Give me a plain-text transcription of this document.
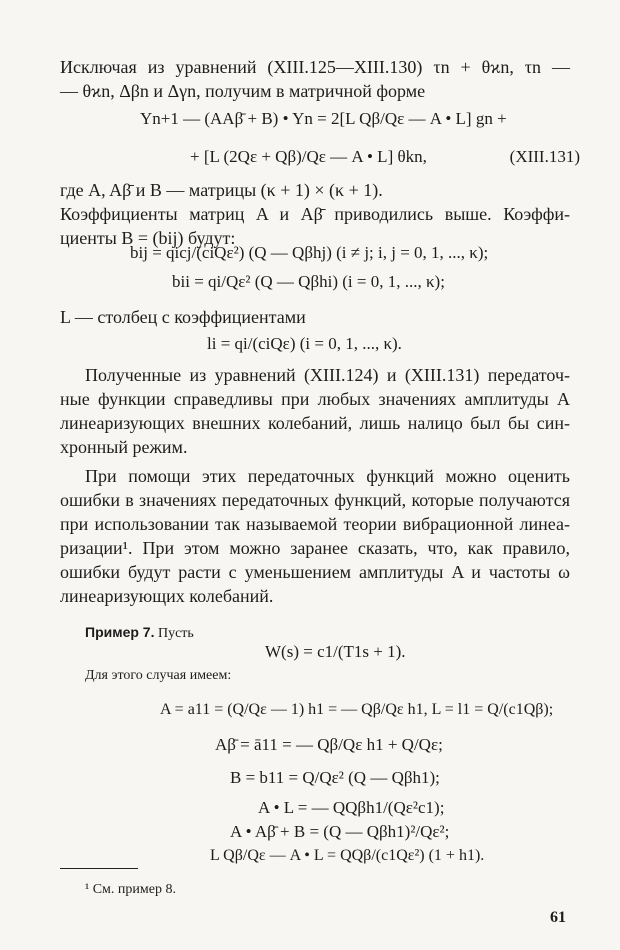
Исключая из уравнений (XIII.125—XIII.130) τn + θϰn, τn —

— θϰn, Δβn и Δγn, получим в матричной форме

Yn+1 — (AAβ̄ + B) • Yn = 2[L Qβ/Qε — A • L] gn +

+ [L (2Qε + Qβ)/Qε — A • L] θkn,	(XIII.131)

где A, Aβ̄ и B — матрицы (κ + 1) × (κ + 1).

Коэффициенты матриц A и Aβ̄ приводились выше. Коэффи-

циенты B = (bij) будут:

bij = qicj/(ciQε²) (Q — Qβhj) (i ≠ j; i, j = 0, 1, ..., κ);

bii = qi/Qε² (Q — Qβhi) (i = 0, 1, ..., κ);

L — столбец с коэффициентами

li = qi/(ciQε) (i = 0, 1, ..., κ).

Полученные из уравнений (XIII.124) и (XIII.131) передаточ-

ные функции справедливы при любых значениях амплитуды A

линеаризующих внешних колебаний, лишь налицо был бы син-

хронный режим.

При помощи этих передаточных функций можно оценить

ошибки в значениях передаточных функций, которые получаются

при использовании так называемой теории вибрационной линеа-

ризации¹. При этом можно заранее сказать, что, как правило,

ошибки будут расти с уменьшением амплитуды A и частоты ω

линеаризующих колебаний.

Пример 7. Пусть

W(s) = c1/(T1s + 1).

Для этого случая имеем:

A = a11 = (Q/Qε — 1) h1 = — Qβ/Qε h1, L = l1 = Q/(c1Qβ);

Aβ̄ = ā11 = — Qβ/Qε h1 + Q/Qε;

B = b11 = Q/Qε² (Q — Qβh1);

A • L = — QQβh1/(Qε²c1);

A • Aβ̄ + B = (Q — Qβh1)²/Qε²;

L Qβ/Qε — A • L = QQβ/(c1Qε²) (1 + h1).

¹ См. пример 8.

61
